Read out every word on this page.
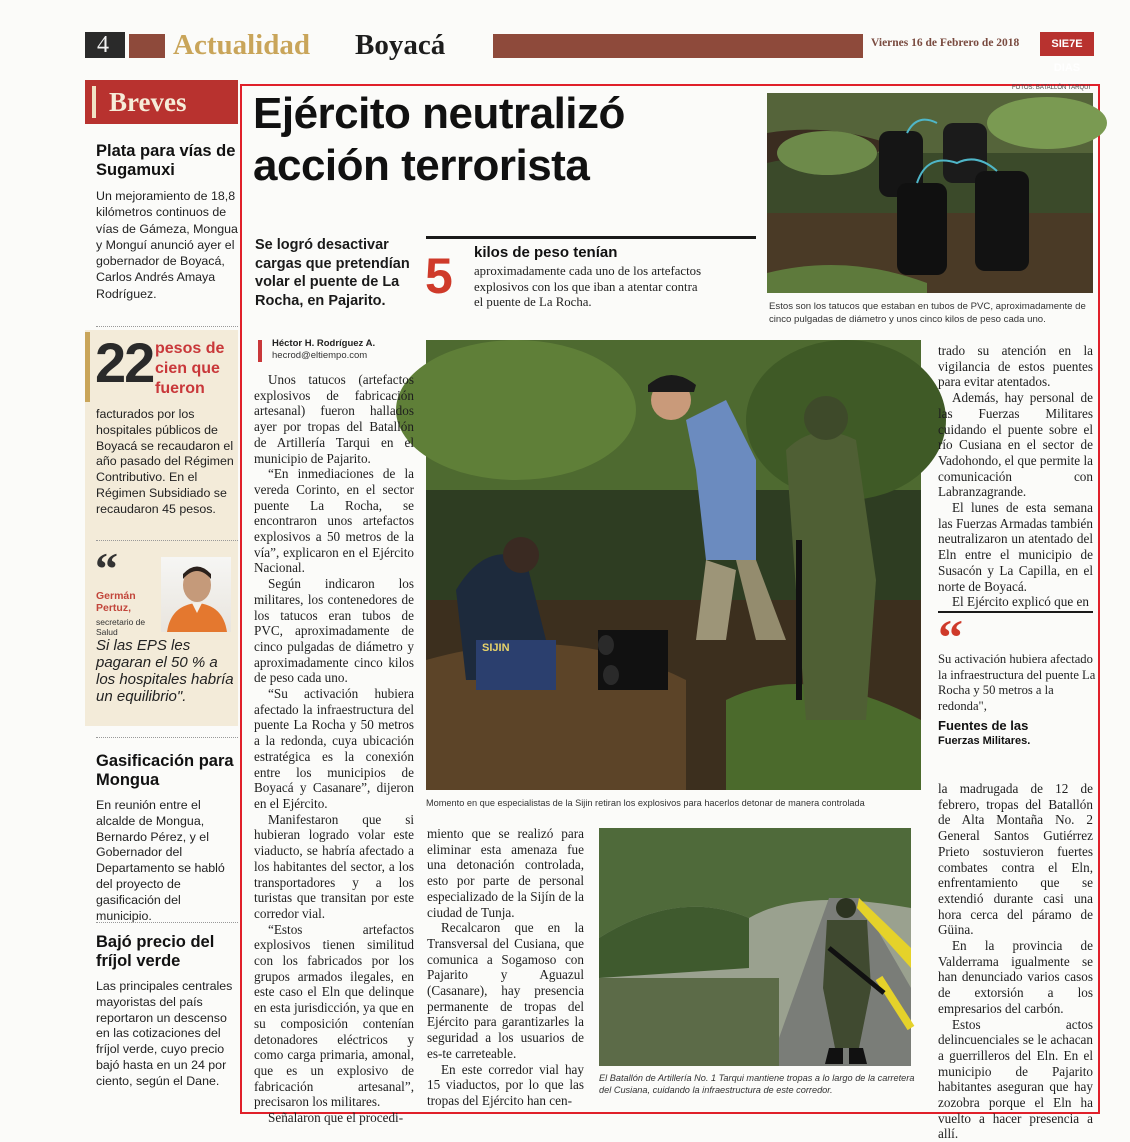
4 Actualidad Boyacá	Viernes 16 de Febrero de 2018	SIE7E DIAS
Breves
Plata para vías de Sugamuxi
Un mejoramiento de 18,8 kilómetros continuos de vías de Gámeza, Mongua y Monguí anunció ayer el gobernador de Boyacá, Carlos Andrés Amaya Rodríguez.
22 pesos de cien que fueron
facturados por los hospitales públicos de Boyacá se recaudaron el año pasado del Régimen Contributivo. En el Régimen Subsidiado se recaudaron 45 pesos.
“
Germán Pertuz,
secretario de Salud
Si las EPS les pagaran el 50 % a los hospitales habría un equilibrio".
Gasificación para Mongua
En reunión entre el alcalde de Mongua, Bernardo Pérez, y el Gobernador del Departamento se habló del proyecto de gasificación del municipio.
Bajó precio del fríjol verde
Las principales centrales mayoristas del país reportaron un descenso en las cotizaciones del fríjol verde, cuyo precio bajó hasta en un 24 por ciento, según el Dane.
Ejército neutralizó
acción terrorista
Se logró desactivar cargas que pretendían volar el puente de La Rocha, en Pajarito.
Héctor H. Rodríguez A.
hecrod@eltiempo.com
5 kilos de peso tenían
aproximadamente cada uno de los artefactos explosivos con los que iban a atentar contra el puente de La Rocha.
FOTOS: BATALLÓN TARQUI
Estos son los tatucos que estaban en tubos de PVC, aproximadamente de cinco pulgadas de diámetro y unos cinco kilos de peso cada uno.
SIJIN
Momento en que especialistas de la Sijin retiran los explosivos para hacerlos detonar de manera controlada
El Batallón de Artillería No. 1 Tarqui mantiene tropas a lo largo de la carretera del Cusiana, cuidando la infraestructura de este corredor.

Unos tatucos (artefactos explosivos de fabricación artesanal) fueron hallados ayer por tropas del Batallón de Artillería Tarqui en el municipio de Pajarito.

“En inmediaciones de la vereda Corinto, en el sector puente La Rocha, se encontraron unos artefactos explosivos a 50 metros de la vía”, explicaron en el Ejército Nacional.

Según indicaron los militares, los contenedores de los tatucos eran tubos de PVC, aproximadamente de cinco pulgadas de diámetro y aproximadamente cinco kilos de peso cada uno.

“Su activación hubiera afectado la infraestructura del puente La Rocha y 50 metros a la redonda, cuya ubicación estratégica es la conexión entre los municipios de Boyacá y Casanare”, dijeron en el Ejército.

Manifestaron que si hubieran logrado volar este viaducto, se habría afectado a los habitantes del sector, a los transportadores y a los turistas que transitan por este corredor vial.

“Estos artefactos explosivos tienen similitud con los fabricados por los grupos armados ilegales, en este caso el Eln que delinque en esta jurisdicción, ya que en su composición contenían detonadores eléctricos y como carga primaria, amonal, que es un explosivo de fabricación artesanal”, precisaron los militares.

Señalaron que el procedi-

miento que se realizó para eliminar esta amenaza fue una detonación controlada, esto por parte de personal especializado de la Sijín de la ciudad de Tunja.

Recalcaron que en la Transversal del Cusiana, que comunica a Sogamoso con Pajarito y Aguazul (Casanare), hay presencia permanente de tropas del Ejército para garantizarles la seguridad a los usuarios de es-te carreteable.

En este corredor vial hay 15 viaductos, por lo que las tropas del Ejército han cen-

trado su atención en la vigilancia de estos puentes para evitar atentados.

Además, hay personal de las Fuerzas Militares cuidando el puente sobre el río Cusiana en el sector de Vadohondo, el que permite la comunicación con Labranzagrande.

El lunes de esta semana las Fuerzas Armadas también neutralizaron un atentado del Eln entre el municipio de Susacón y La Capilla, en el norte de Boyacá.

El Ejército explicó que en

“
Su activación hubiera afectado la infraestructura del puente La Rocha y 50 metros a la redonda",
Fuentes de las
Fuerzas Militares.

la madrugada de 12 de febrero, tropas del Batallón de Alta Montaña No. 2 General Santos Gutiérrez Prieto sostuvieron fuertes combates contra el Eln, enfrentamiento que se extendió durante casi una hora cerca del páramo de Güina.

En la provincia de Valderrama igualmente se han denunciado varios casos de extorsión a los empresarios del carbón.

Estos actos delincuenciales se le achacan a guerrilleros del Eln. En el municipio de Pajarito habitantes aseguran que hay zozobra porque el Eln ha vuelto a hacer presencia a allí.
